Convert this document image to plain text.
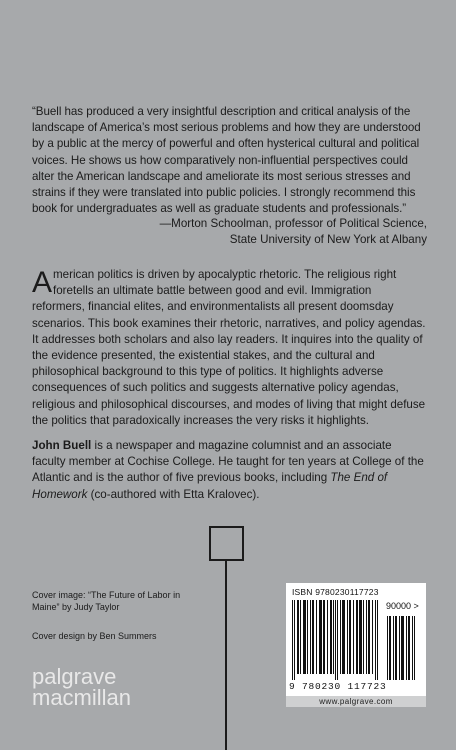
“Buell has produced a very insightful description and critical analysis of the landscape of America’s most serious problems and how they are understood by a public at the mercy of powerful and often hysterical cultural and political voices. He shows us how comparatively non-influential perspectives could alter the American landscape and ameliorate its most serious stresses and strains if they were translated into public policies. I strongly recommend this book for undergraduates as well as graduate students and professionals.”

—Morton Schoolman, professor of Political Science,
State University of New York at Albany
American politics is driven by apocalyptic rhetoric. The religious right foretells an ultimate battle between good and evil. Immigration reformers, financial elites, and environmentalists all present doomsday scenarios. This book examines their rhetoric, narratives, and policy agendas. It addresses both scholars and also lay readers. It inquires into the quality of the evidence presented, the existential stakes, and the cultural and philosophical background to this type of politics. It highlights adverse consequences of such politics and suggests alternative policy agendas, religious and philosophical discourses, and modes of living that might defuse the politics that paradoxically increases the very risks it highlights.
John Buell is a newspaper and magazine columnist and an associate faculty member at Cochise College. He taught for ten years at College of the Atlantic and is the author of five previous books, including The End of Homework (co-authored with Etta Kralovec).
Cover image: “The Future of Labor in Maine” by Judy Taylor
Cover design by Ben Summers
palgrave
macmillan
ISBN 9780230117723
90000 >
9 780230 117723
www.palgrave.com
